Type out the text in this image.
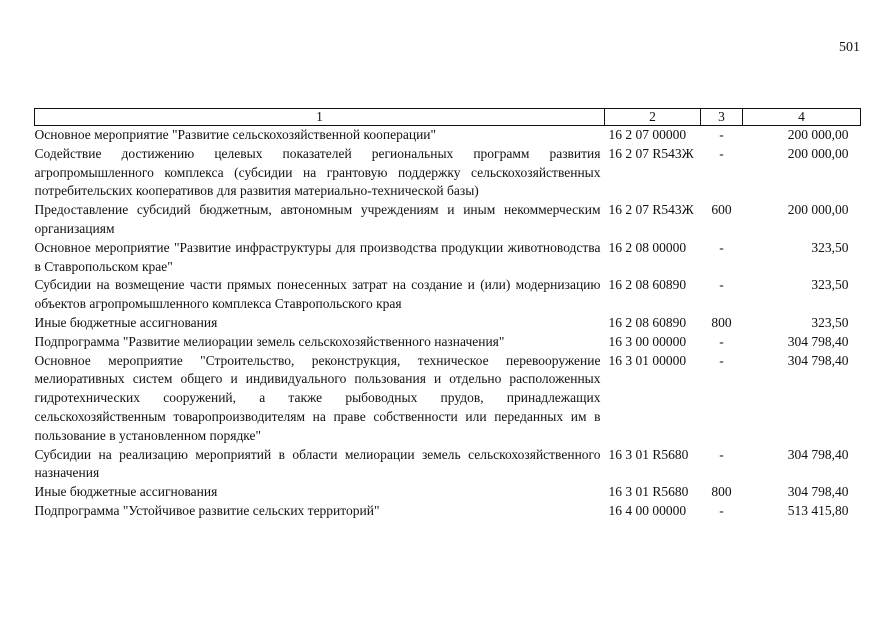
501
1	2	3	4
Основное мероприятие "Развитие сельскохозяйственной кооперации"	16 2 07 00000	-	200 000,00
Содействие достижению целевых показателей региональных программ развития агропромышленного комплекса (субсидии на грантовую поддержку сельскохозяйственных потребительских кооперативов для развития материально-технической базы)	16 2 07 R543Ж	-	200 000,00
Предоставление субсидий бюджетным, автономным учреждениям и иным некоммерческим организациям	16 2 07 R543Ж	600	200 000,00
Основное мероприятие "Развитие инфраструктуры для производства продукции животноводства в Ставропольском крае"	16 2 08 00000	-	323,50
Субсидии на возмещение части прямых понесенных затрат на создание и (или) модернизацию объектов агропромышленного комплекса Ставропольского края	16 2 08 60890	-	323,50
Иные бюджетные ассигнования	16 2 08 60890	800	323,50
Подпрограмма "Развитие мелиорации земель сельскохозяйственного назначения"	16 3 00 00000	-	304 798,40
Основное мероприятие "Строительство, реконструкция, техническое перевооружение мелиоративных систем общего и индивидуального пользования и отдельно расположенных гидротехнических сооружений, а также рыбоводных прудов, принадлежащих сельскохозяйственным товаропроизводителям на праве собственности или переданных им в пользование в установленном порядке"	16 3 01 00000	-	304 798,40
Субсидии на реализацию мероприятий в области мелиорации земель сельскохозяйственного назначения	16 3 01 R5680	-	304 798,40
Иные бюджетные ассигнования	16 3 01 R5680	800	304 798,40
Подпрограмма "Устойчивое развитие сельских территорий"	16 4 00 00000	-	513 415,80
